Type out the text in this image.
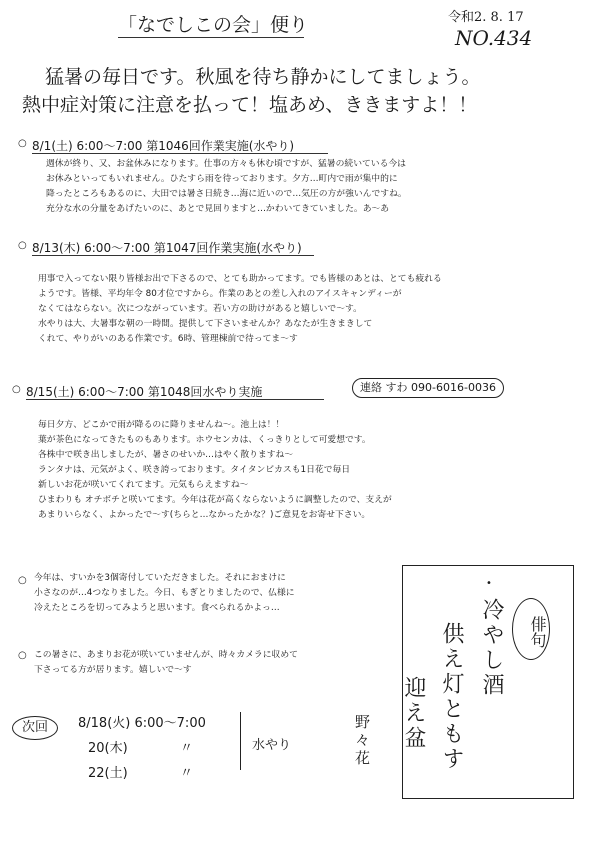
「なでしこの会」便り	令和2. 8. 17
NO.434
猛暑の毎日です。秋風を待ち静かにしてましょう。
熱中症対策に注意を払って！塩あめ、ききますよ！！
○ 8/1(土) 6:00～7:00 第1046回作業実施(水やり)
週休が終り、又、お盆休みになります。仕事の方々も休む頃ですが、猛暑の続いている今は
お休みといってもいれません。ひたすら雨を待っております。夕方…町内で雨が集中的に
降ったところもあるのに、大田では暑さ日続き…海に近いので…気圧の方が強いんですね。
充分な水の分量をあげたいのに、あとで見回りますと…かわいてきていました。あ～あ
○ 8/13(木) 6:00～7:00 第1047回作業実施(水やり)
用事で入ってない限り皆様お出で下さるので、とても助かってます。でも皆様のあとは、とても疲れる
ようです。皆様、平均年令 80才位ですから。作業のあとの差し入れのアイスキャンディーが
なくてはならない。次につながっています。若い方の助けがあると嬉しいで～す。
水やりは大、大暑事な朝の一時間。提供して下さいませんか？あなたが生きまきして
くれて、やりがいのある作業です。6時、管理棟前で待ってま～す
○ 8/15(土) 6:00～7:00 第1048回水やり実施	連絡 すわ 090-6016-0036
毎日夕方、どこかで雨が降るのに降りませんね～。池上は！！
葉が茶色になってきたものもあります。ホウセンカは、くっきりとして可愛想です。
各株中で咲き出しましたが、暑さのせいか…はやく散りますね～
ランタナは、元気がよく、咲き誇っております。タイタンビカスも1日花で毎日
新しいお花が咲いてくれてます。元気もらえますね～
ひまわりも オチボチと咲いてます。今年は花が高くならないように調整したので、支えが
あまりいらなく、よかったで～す(ちらと…なかったかな？)ご意見をお寄せ下さい。
○ 今年は、すいかを3個寄付していただきました。それにおまけに
小さなのが…4つなりました。今日、もぎとりましたので、仏様に
冷えたところを切ってみようと思います。食べられるかよっ…
○ この暑さに、あまりお花が咲いていませんが、時々カメラに収めて
下さってる方が居ります。嬉しいで～す
次回	8/18(火) 6:00～7:00
20(木)	〃
22(土)	〃
水やり
•
俳句
冷やし酒
供え灯ともす
迎え盆
野々花
